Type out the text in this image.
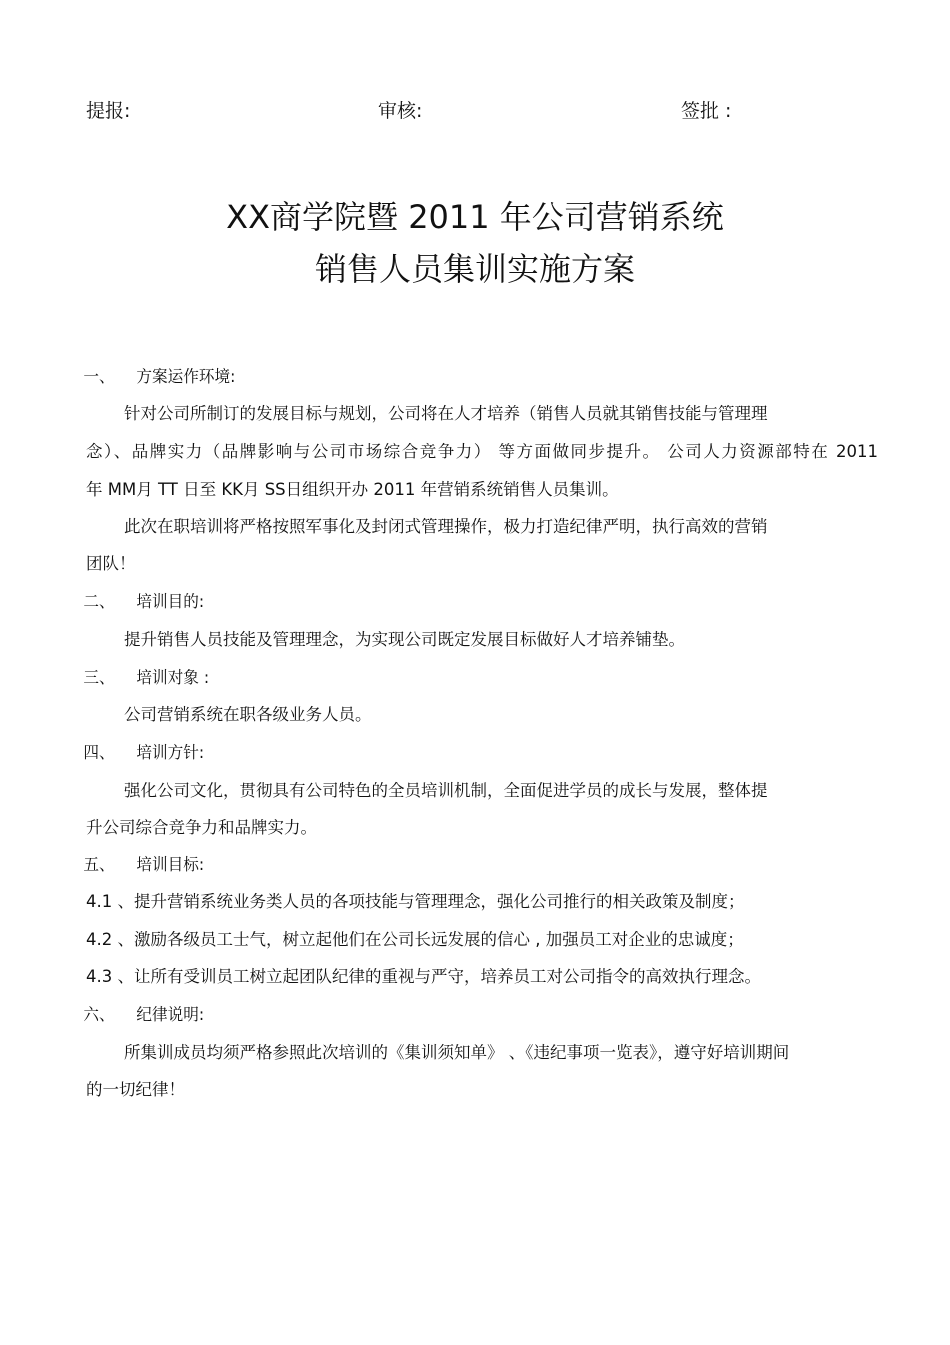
提报:	审核:	签批 :
XX商学院暨 2011 年公司营销系统
销售人员集训实施方案
一、 方案运作环境:
针对公司所制订的发展目标与规划，公司将在人才培养（销售人员就其销售技能与管理理
念）、品牌实力（品牌影响与公司市场综合竞争力） 等方面做同步提升。 公司人力资源部特在 2011
年 MM月 TT 日至 KK月 SS日组织开办 2011 年营销系统销售人员集训。
此次在职培训将严格按照军事化及封闭式管理操作，极力打造纪律严明，执行高效的营销
团队！
二、 培训目的:
提升销售人员技能及管理理念，为实现公司既定发展目标做好人才培养铺垫。
三、 培训对象 :
公司营销系统在职各级业务人员。
四、 培训方针:
强化公司文化，贯彻具有公司特色的全员培训机制，全面促进学员的成长与发展，整体提
升公司综合竞争力和品牌实力。
五、 培训目标:
4.1 、提升营销系统业务类人员的各项技能与管理理念，强化公司推行的相关政策及制度；
4.2 、激励各级员工士气，树立起他们在公司长远发展的信心 , 加强员工对企业的忠诚度；
4.3 、让所有受训员工树立起团队纪律的重视与严守，培养员工对公司指令的高效执行理念。
六、 纪律说明:
所集训成员均须严格参照此次培训的《集训须知单》 、《违纪事项一览表》，遵守好培训期间
的一切纪律！
